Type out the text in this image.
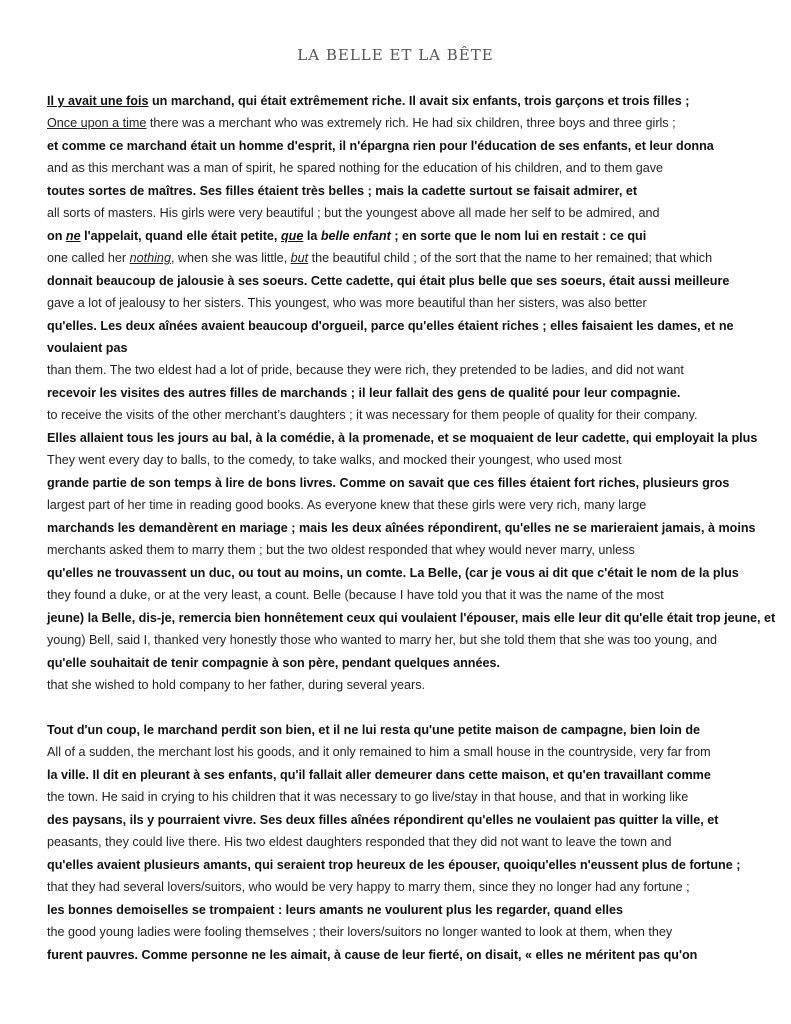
LA BELLE ET LA BÊTE

Il y avait une fois un marchand, qui était extrêmement riche. Il avait six enfants, trois garçons et trois filles ;

Once upon a time there was a merchant who was extremely rich. He had six children, three boys and three girls ;

et comme ce marchand était un homme d'esprit, il n'épargna rien pour l'éducation de ses enfants, et leur donna

and as this merchant was a man of spirit, he spared nothing for the education of his children, and to them gave

toutes sortes de maîtres. Ses filles étaient très belles ; mais la cadette surtout se faisait admirer, et

all sorts of masters. His girls were very beautiful ; but the youngest above all made her self to be admired, and

on ne l'appelait, quand elle était petite, que la belle enfant ; en sorte que le nom lui en restait : ce qui

one called her nothing, when she was little, but the beautiful child ; of the sort that the name to her remained; that which

donnait beaucoup de jalousie à ses soeurs. Cette cadette, qui était plus belle que ses soeurs, était aussi meilleure

gave a lot of jealousy to her sisters. This youngest, who was more beautiful than her sisters, was also better

qu'elles. Les deux aînées avaient beaucoup d'orgueil, parce qu'elles étaient riches ; elles faisaient les dames, et ne

voulaient pas

than them. The two eldest had a lot of pride, because they were rich, they pretended to be ladies, and did not want

recevoir les visites des autres filles de marchands ; il leur fallait des gens de qualité pour leur compagnie.

to receive the visits of the other merchant’s daughters ; it was necessary for them people of quality for their company.

Elles allaient tous les jours au bal, à la comédie, à la promenade, et se moquaient de leur cadette, qui employait la plus

They went every day to balls, to the comedy, to take walks, and mocked their youngest, who used most

grande partie de son temps à lire de bons livres. Comme on savait que ces filles étaient fort riches, plusieurs gros

largest part of her time in reading good books. As everyone knew that these girls were very rich, many large

marchands les demandèrent en mariage ; mais les deux aînées répondirent, qu'elles ne se marieraient jamais, à moins

merchants asked them to marry them ; but the two oldest responded that whey would never marry, unless

qu'elles ne trouvassent un duc, ou tout au moins, un comte. La Belle, (car je vous ai dit que c'était le nom de la plus

they found a duke, or at the very least, a count. Belle (because I have told you that it was the name of the most

jeune) la Belle, dis-je, remercia bien honnêtement ceux qui voulaient l'épouser, mais elle leur dit qu'elle était trop jeune, et

young) Bell, said I, thanked very honestly those who wanted to marry her, but she told them that she was too young, and

qu'elle souhaitait de tenir compagnie à son père, pendant quelques années.

that she wished to hold company to her father, during several years.

Tout d'un coup, le marchand perdit son bien, et il ne lui resta qu'une petite maison de campagne, bien loin de

All of a sudden, the merchant lost his goods, and it only remained to him a small house in the countryside, very far from

la ville. Il dit en pleurant à ses enfants, qu'il fallait aller demeurer dans cette maison, et qu'en travaillant comme

the town. He said in crying to his children that it was necessary to go live/stay in that house, and that in working like

des paysans, ils y pourraient vivre. Ses deux filles aînées répondirent qu'elles ne voulaient pas quitter la ville, et

peasants, they could live there. His two eldest daughters responded that they did not want to leave the town and

qu'elles avaient plusieurs amants, qui seraient trop heureux de les épouser, quoiqu'elles n'eussent plus de fortune ;

that they had several lovers/suitors, who would be very happy to marry them, since they no longer had any fortune ;

les bonnes demoiselles se trompaient : leurs amants ne voulurent plus les regarder, quand elles

the good young ladies were fooling themselves ; their lovers/suitors no longer wanted to look at them, when they

furent pauvres. Comme personne ne les aimait, à cause de leur fierté, on disait, « elles ne méritent pas qu'on
